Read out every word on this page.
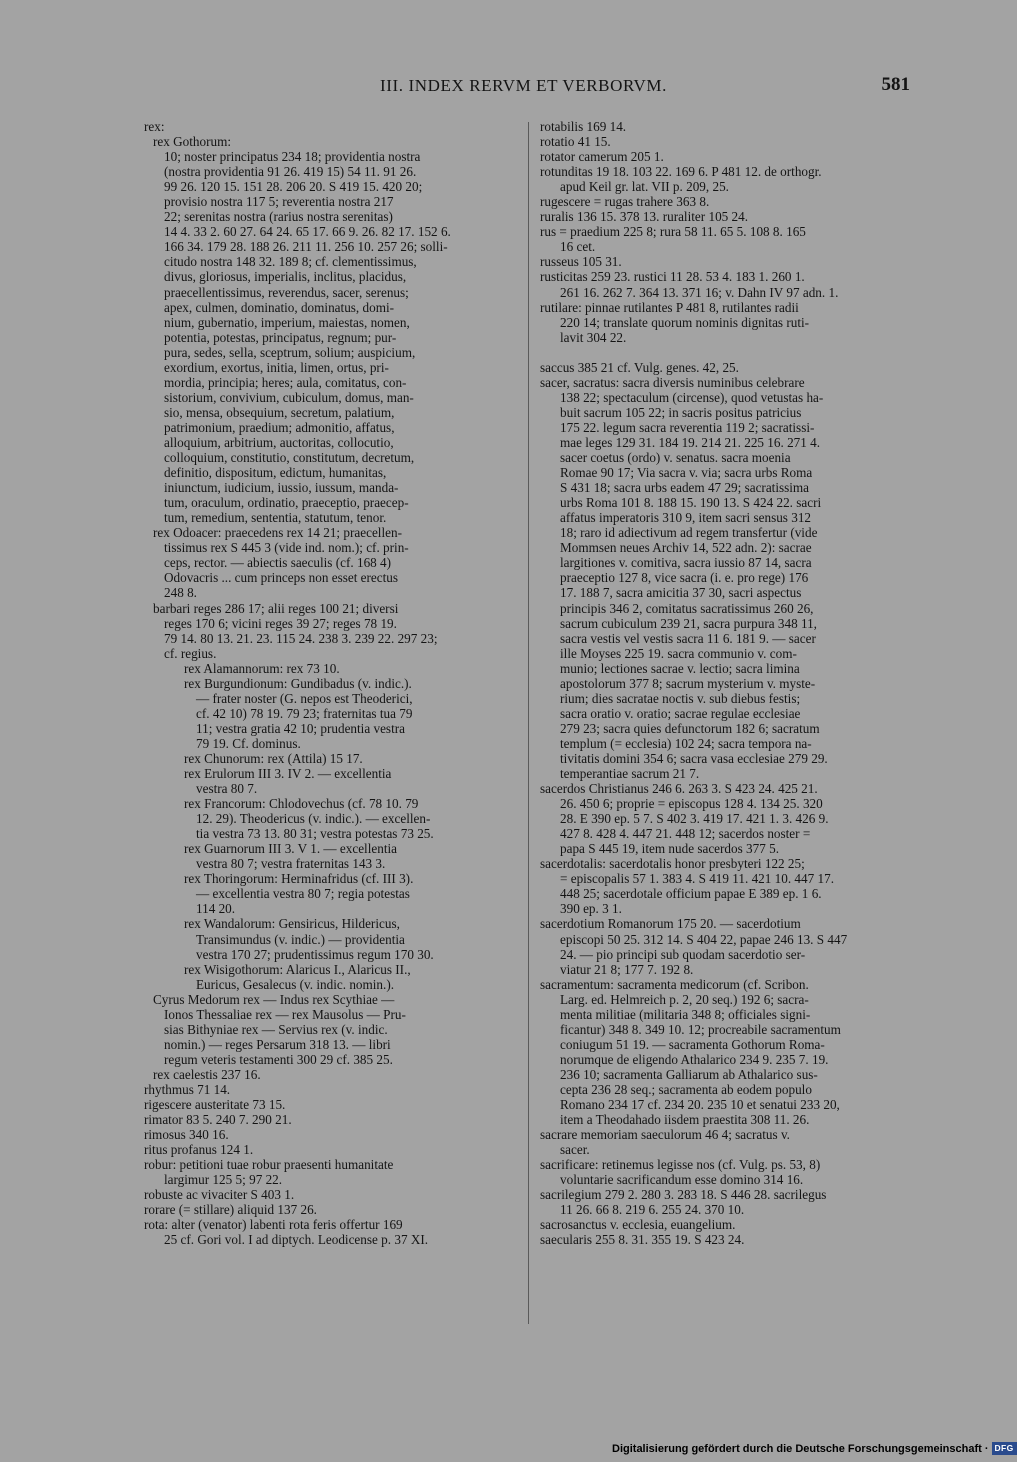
III. INDEX RERVM ET VERBORVM.	581
rex:
rex Gothorum:
10; noster principatus 234 18; providentia nostra
(nostra providentia 91 26. 419 15) 54 11. 91 26.
99 26. 120 15. 151 28. 206 20. S 419 15. 420 20;
provisio nostra 117 5; reverentia nostra 217
22; serenitas nostra (rarius nostra serenitas)
14 4. 33 2. 60 27. 64 24. 65 17. 66 9. 26. 82 17. 152 6.
166 34. 179 28. 188 26. 211 11. 256 10. 257 26; solli-
citudo nostra 148 32. 189 8; cf. clementissimus,
divus, gloriosus, imperialis, inclitus, placidus,
praecellentissimus, reverendus, sacer, serenus;
apex, culmen, dominatio, dominatus, domi-
nium, gubernatio, imperium, maiestas, nomen,
potentia, potestas, principatus, regnum; pur-
pura, sedes, sella, sceptrum, solium; auspicium,
exordium, exortus, initia, limen, ortus, pri-
mordia, principia; heres; aula, comitatus, con-
sistorium, convivium, cubiculum, domus, man-
sio, mensa, obsequium, secretum, palatium,
patrimonium, praedium; admonitio, affatus,
alloquium, arbitrium, auctoritas, collocutio,
colloquium, constitutio, constitutum, decretum,
definitio, dispositum, edictum, humanitas,
iniunctum, iudicium, iussio, iussum, manda-
tum, oraculum, ordinatio, praeceptio, praecep-
tum, remedium, sententia, statutum, tenor.
rex Odoacer: praecedens rex 14 21; praecellen-
tissimus rex S 445 3 (vide ind. nom.); cf. prin-
ceps, rector. — abiectis saeculis (cf. 168 4)
Odovacris ... cum princeps non esset erectus
248 8.
barbari reges 286 17; alii reges 100 21; diversi
reges 170 6; vicini reges 39 27; reges 78 19.
79 14. 80 13. 21. 23. 115 24. 238 3. 239 22. 297 23;
cf. regius.
rex Alamannorum: rex 73 10.
rex Burgundionum: Gundibadus (v. indic.).
— frater noster (G. nepos est Theoderici,
cf. 42 10) 78 19. 79 23; fraternitas tua 79
11; vestra gratia 42 10; prudentia vestra
79 19. Cf. dominus.
rex Chunorum: rex (Attila) 15 17.
rex Erulorum III 3. IV 2. — excellentia
vestra 80 7.
rex Francorum: Chlodovechus (cf. 78 10. 79
12. 29). Theodericus (v. indic.). — excellen-
tia vestra 73 13. 80 31; vestra potestas 73 25.
rex Guarnorum III 3. V 1. — excellentia
vestra 80 7; vestra fraternitas 143 3.
rex Thoringorum: Herminafridus (cf. III 3).
— excellentia vestra 80 7; regia potestas
114 20.
rex Wandalorum: Gensiricus, Hildericus,
Transimundus (v. indic.) — providentia
vestra 170 27; prudentissimus regum 170 30.
rex Wisigothorum: Alaricus I., Alaricus II.,
Euricus, Gesalecus (v. indic. nomin.).
Cyrus Medorum rex — Indus rex Scythiae —
Ionos Thessaliae rex — rex Mausolus — Pru-
sias Bithyniae rex — Servius rex (v. indic.
nomin.) — reges Persarum 318 13. — libri
regum veteris testamenti 300 29 cf. 385 25.
rex caelestis 237 16.
rhythmus 71 14.
rigescere austeritate 73 15.
rimator 83 5. 240 7. 290 21.
rimosus 340 16.
ritus profanus 124 1.
robur: petitioni tuae robur praesenti humanitate
largimur 125 5; 97 22.
robuste ac vivaciter S 403 1.
rorare (= stillare) aliquid 137 26.
rota: alter (venator) labenti rota feris offertur 169
25 cf. Gori vol. I ad diptych. Leodicense p. 37 XI.
rotabilis 169 14.
rotatio 41 15.
rotator camerum 205 1.
rotunditas 19 18. 103 22. 169 6. P 481 12. de orthogr.
apud Keil gr. lat. VII p. 209, 25.
rugescere = rugas trahere 363 8.
ruralis 136 15. 378 13. ruraliter 105 24.
rus = praedium 225 8; rura 58 11. 65 5. 108 8. 165
16 cet.
russeus 105 31.
rusticitas 259 23. rustici 11 28. 53 4. 183 1. 260 1.
261 16. 262 7. 364 13. 371 16; v. Dahn IV 97 adn. 1.
rutilare: pinnae rutilantes P 481 8, rutilantes radii
220 14; translate quorum nominis dignitas ruti-
lavit 304 22.
saccus 385 21 cf. Vulg. genes. 42, 25.
sacer, sacratus: sacra diversis numinibus celebrare
138 22; spectaculum (circense), quod vetustas ha-
buit sacrum 105 22; in sacris positus patricius
175 22. legum sacra reverentia 119 2; sacratissi-
mae leges 129 31. 184 19. 214 21. 225 16. 271 4.
sacer coetus (ordo) v. senatus. sacra moenia
Romae 90 17; Via sacra v. via; sacra urbs Roma
S 431 18; sacra urbs eadem 47 29; sacratissima
urbs Roma 101 8. 188 15. 190 13. S 424 22. sacri
affatus imperatoris 310 9, item sacri sensus 312
18; raro id adiectivum ad regem transfertur (vide
Mommsen neues Archiv 14, 522 adn. 2): sacrae
largitiones v. comitiva, sacra iussio 87 14, sacra
praeceptio 127 8, vice sacra (i. e. pro rege) 176
17. 188 7, sacra amicitia 37 30, sacri aspectus
principis 346 2, comitatus sacratissimus 260 26,
sacrum cubiculum 239 21, sacra purpura 348 11,
sacra vestis vel vestis sacra 11 6. 181 9. — sacer
ille Moyses 225 19. sacra communio v. com-
munio; lectiones sacrae v. lectio; sacra limina
apostolorum 377 8; sacrum mysterium v. myste-
rium; dies sacratae noctis v. sub diebus festis;
sacra oratio v. oratio; sacrae regulae ecclesiae
279 23; sacra quies defunctorum 182 6; sacratum
templum (= ecclesia) 102 24; sacra tempora na-
tivitatis domini 354 6; sacra vasa ecclesiae 279 29.
temperantiae sacrum 21 7.
sacerdos Christianus 246 6. 263 3. S 423 24. 425 21.
26. 450 6; proprie = episcopus 128 4. 134 25. 320
28. E 390 ep. 5 7. S 402 3. 419 17. 421 1. 3. 426 9.
427 8. 428 4. 447 21. 448 12; sacerdos noster =
papa S 445 19, item nude sacerdos 377 5.
sacerdotalis: sacerdotalis honor presbyteri 122 25;
= episcopalis 57 1. 383 4. S 419 11. 421 10. 447 17.
448 25; sacerdotale officium papae E 389 ep. 1 6.
390 ep. 3 1.
sacerdotium Romanorum 175 20. — sacerdotium
episcopi 50 25. 312 14. S 404 22, papae 246 13. S 447
24. — pio principi sub quodam sacerdotio ser-
viatur 21 8; 177 7. 192 8.
sacramentum: sacramenta medicorum (cf. Scribon.
Larg. ed. Helmreich p. 2, 20 seq.) 192 6; sacra-
menta militiae (militaria 348 8; officiales signi-
ficantur) 348 8. 349 10. 12; procreabile sacramentum
coniugum 51 19. — sacramenta Gothorum Roma-
norumque de eligendo Athalarico 234 9. 235 7. 19.
236 10; sacramenta Galliarum ab Athalarico sus-
cepta 236 28 seq.; sacramenta ab eodem populo
Romano 234 17 cf. 234 20. 235 10 et senatui 233 20,
item a Theodahado iisdem praestita 308 11. 26.
sacrare memoriam saeculorum 46 4; sacratus v.
sacer.
sacrificare: retinemus legisse nos (cf. Vulg. ps. 53, 8)
voluntarie sacrificandum esse domino 314 16.
sacrilegium 279 2. 280 3. 283 18. S 446 28. sacrilegus
11 26. 66 8. 219 6. 255 24. 370 10.
sacrosanctus v. ecclesia, euangelium.
saecularis 255 8. 31. 355 19. S 423 24.
Digitalisierung gefördert durch die Deutsche Forschungsgemeinschaft · DFG
